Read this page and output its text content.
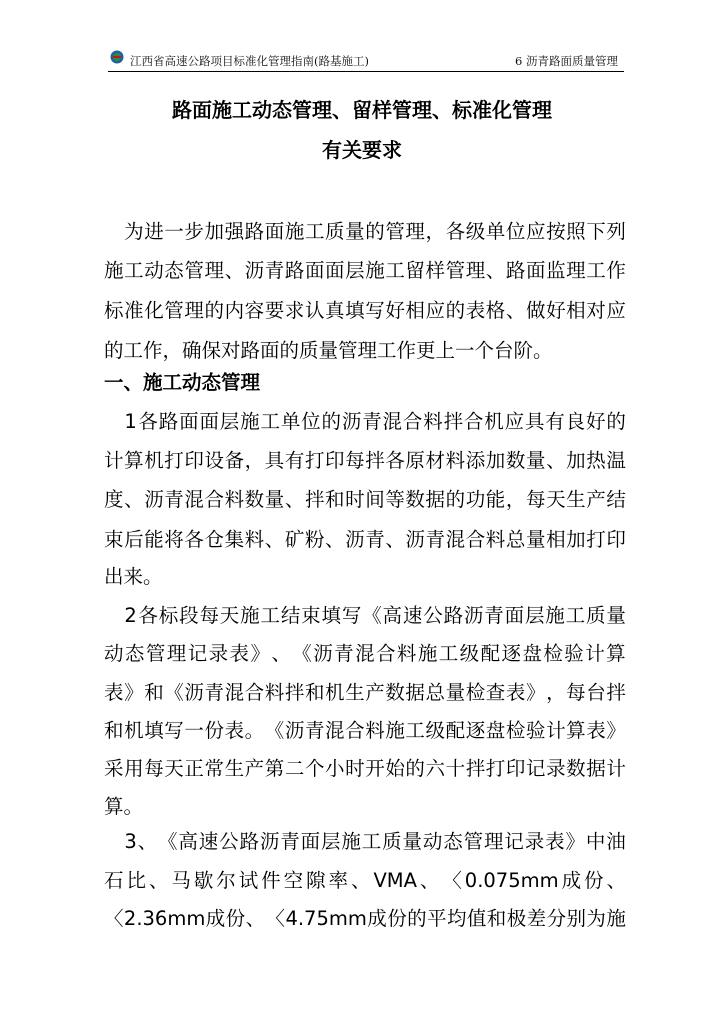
江西省高速公路项目标准化管理指南(路基施工)	6 沥青路面质量管理
路面施工动态管理、留样管理、标准化管理
有关要求

为 进 一 步 加 强 路 面 施 工 质 量 的 管 理 ， 各 级 单 位 应 按 照 下 列
施 工 动 态 管 理 、 沥 青 路 面 面 层 施 工 留 样 管 理 、 路 面 监 理 工 作
标 准 化 管 理 的 内 容 要 求 认 真 填 写 好 相 应 的 表 格 、 做 好 相 对 应
的工作，确保对路面的质量管理工作更上一个台阶。
一、施工动态管理

1 各 路 面 面 层 施 工 单 位 的 沥 青 混 合 料 拌 合 机 应 具 有 良 好 的
计 算 机 打 印 设 备 ， 具 有 打 印 每 拌 各 原 材 料 添 加 数 量 、 加 热 温
度 、 沥 青 混 合 料 数 量 、 拌 和 时 间 等 数 据 的 功 能 ， 每 天 生 产 结
束 后 能 将 各 仓 集 料 、 矿 粉 、 沥 青 、 沥 青 混 合 料 总 量 相 加 打 印
出来。

2 各 标 段 每 天 施 工 结 束 填 写 《 高 速 公 路 沥 青 面 层 施 工 质 量
动 态 管 理 记 录 表 》 、 《 沥 青 混 合 料 施 工 级 配 逐 盘 检 验 计 算
表 》 和 《 沥 青 混 合 料 拌 和 机 生 产 数 据 总 量 检 查 表 》 ， 每 台 拌
和 机 填 写 一 份 表 。 《 沥 青 混 合 料 施 工 级 配 逐 盘 检 验 计 算 表 》
采 用 每 天 正 常 生 产 第 二 个 小 时 开 始 的 六 十 拌 打 印 记 录 数 据 计
算。

3 、 《 高 速 公 路 沥 青 面 层 施 工 质 量 动 态 管 理 记 录 表 》 中 油
石 比 、 马 歇 尔 试 件 空 隙 率 、 VMA 、 〈 0.075mm 成 份 、
〈 2.36mm 成 份 、 〈 4.75mm 成 份 的 平 均 值 和 极 差 分 别 为 施
